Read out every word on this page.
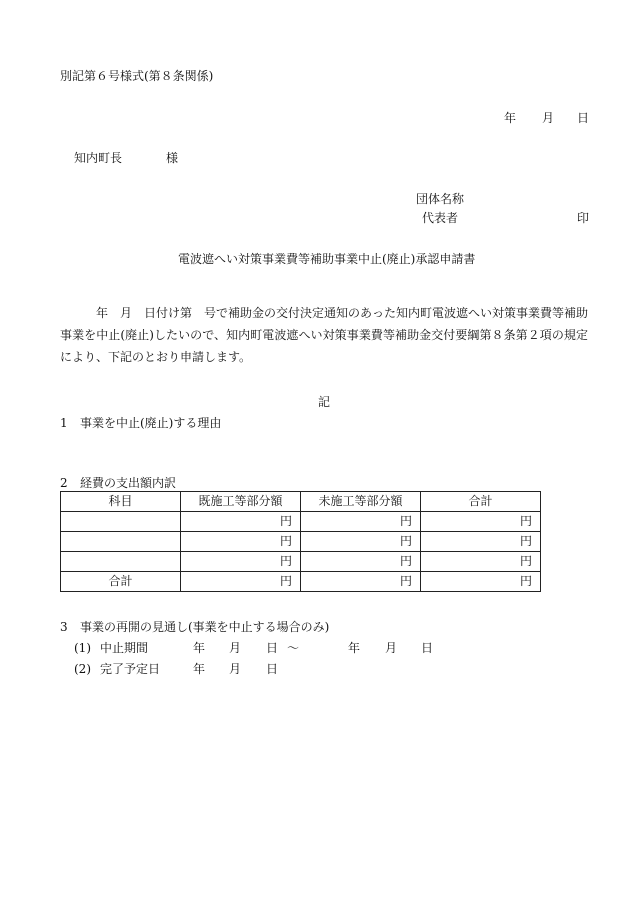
別記第６号様式(第８条関係)
年 月 日
知内町長	様
団体名称
代表者	印
電波遮へい対策事業費等補助事業中止(廃止)承認申請書
年　月　日付け第　号で補助金の交付決定通知のあった知内町電波遮へい対策事業費等補助事業を中止(廃止)したいので、知内町電波遮へい対策事業費等補助金交付要綱第８条第２項の規定により、下記のとおり申請します。
記
1 事業を中止(廃止)する理由
2 経費の支出額内訳
科目	既施工等部分額	未施工等部分額	合計
	円	円	円
	円	円	円
	円	円	円
合計	円	円	円
3 事業の再開の見通し(事業を中止する場合のみ)
(1) 中止期間	年 月 日 ～	年 月 日
(2) 完了予定日	年 月 日
